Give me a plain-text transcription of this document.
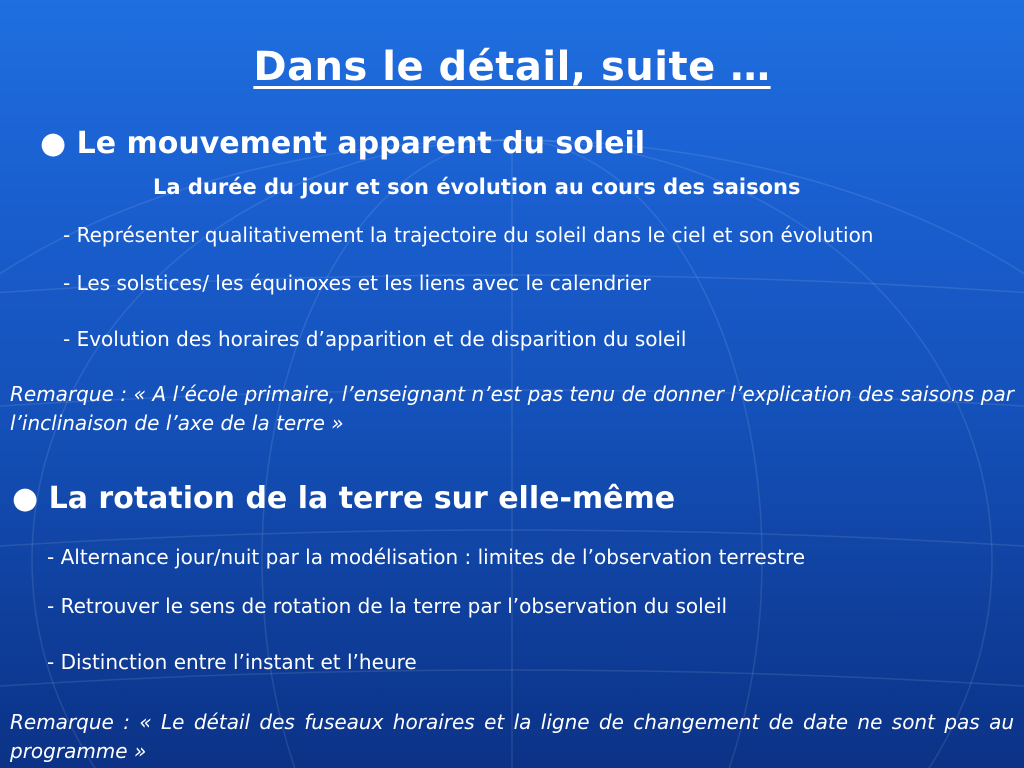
Dans le détail, suite …
● Le mouvement apparent du soleil
La durée du jour et son évolution au cours des saisons
- Représenter qualitativement la trajectoire du soleil dans le ciel et son évolution
- Les solstices/ les équinoxes et les liens avec le calendrier
- Evolution des horaires d’apparition et de disparition du soleil
Remarque : « A l’école primaire, l’enseignant n’est pas tenu de donner l’explication des saisons par l’inclinaison de l’axe de la terre »
● La rotation de la terre sur elle-même
- Alternance jour/nuit par la modélisation : limites de l’observation terrestre
- Retrouver le sens de rotation de la terre par l’observation du soleil
- Distinction entre l’instant et l’heure
Remarque : « Le détail des fuseaux horaires et la ligne de changement de date ne sont pas au programme »
